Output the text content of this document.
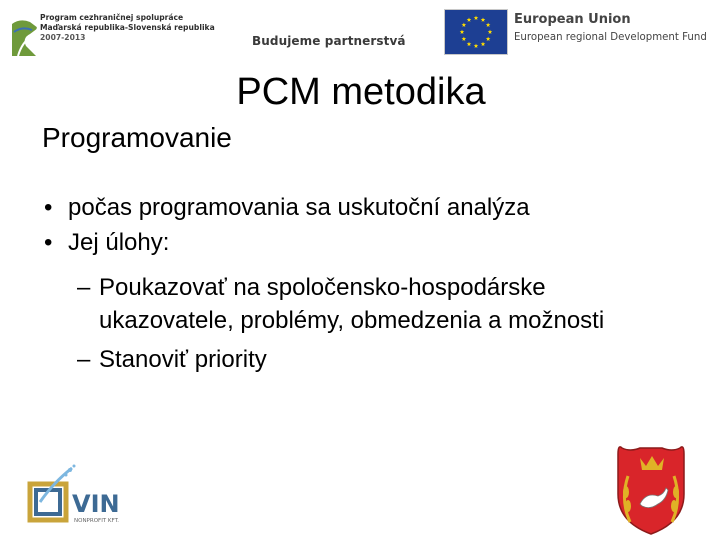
Program cezhraničnej spolupráce
Maďarská republika-Slovenská republika
2007-2013	Budujeme partnerstvá
European Union
European regional Development Fund
PCM metodika
Programovanie
• počas programovania sa uskutoční analýza
• Jej úlohy:
– Poukazovať na spoločensko-hospodárske
ukazovatele, problémy, obmedzenia a možnosti
– Stanoviť priority
VIN
NONPROFIT KFT.
